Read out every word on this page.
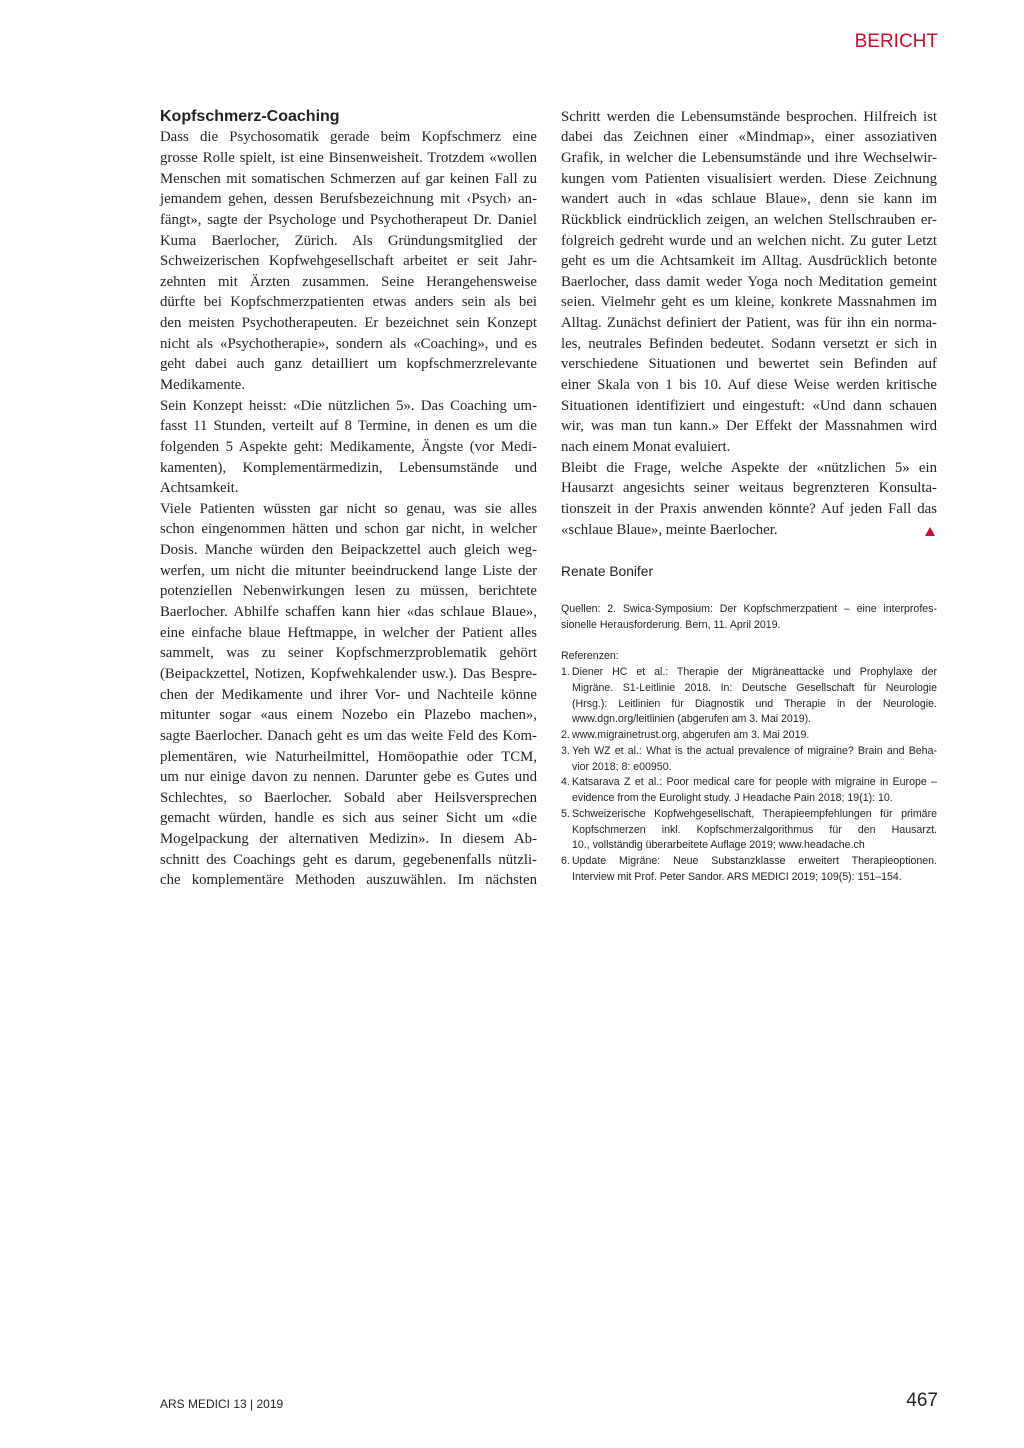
BERICHT
Kopfschmerz-Coaching
Dass die Psychosomatik gerade beim Kopfschmerz eine
grosse Rolle spielt, ist eine Binsenweisheit. Trotzdem «wollen
Menschen mit somatischen Schmerzen auf gar keinen Fall zu
jemandem gehen, dessen Berufsbezeichnung mit ‹Psych› an-
fängt», sagte der Psychologe und Psychotherapeut Dr. Daniel
Kuma Baerlocher, Zürich. Als Gründungsmitglied der
Schweizerischen Kopfwehgesellschaft arbeitet er seit Jahr-
zehnten mit Ärzten zusammen. Seine Herangehensweise
dürfte bei Kopfschmerzpatienten etwas anders sein als bei
den meisten Psychotherapeuten. Er bezeichnet sein Konzept
nicht als «Psychotherapie», sondern als «Coaching», und es
geht dabei auch ganz detailliert um kopfschmerzrelevante
Medikamente.
Sein Konzept heisst: «Die nützlichen 5». Das Coaching um-
fasst 11 Stunden, verteilt auf 8 Termine, in denen es um die
folgenden 5 Aspekte geht: Medikamente, Ängste (vor Medi-
kamenten), Komplementärmedizin, Lebensumstände und
Achtsamkeit.
Viele Patienten wüssten gar nicht so genau, was sie alles
schon eingenommen hätten und schon gar nicht, in welcher
Dosis. Manche würden den Beipackzettel auch gleich weg-
werfen, um nicht die mitunter beeindruckend lange Liste der
potenziellen Nebenwirkungen lesen zu müssen, berichtete
Baerlocher. Abhilfe schaffen kann hier «das schlaue Blaue»,
eine einfache blaue Heftmappe, in welcher der Patient alles
sammelt, was zu seiner Kopfschmerzproblematik gehört
(Beipackzettel, Notizen, Kopfwehkalender usw.). Das Bespre-
chen der Medikamente und ihrer Vor- und Nachteile könne
mitunter sogar «aus einem Nozebo ein Plazebo machen»,
sagte Baerlocher. Danach geht es um das weite Feld des Kom-
plementären, wie Naturheilmittel, Homöopathie oder TCM,
um nur einige davon zu nennen. Darunter gebe es Gutes und
Schlechtes, so Baerlocher. Sobald aber Heilsversprechen
gemacht würden, handle es sich aus seiner Sicht um «die
Mogelpackung der alternativen Medizin». In diesem Ab-
schnitt des Coachings geht es darum, gegebenenfalls nützli-
che komplementäre Methoden auszuwählen. Im nächsten
Schritt werden die Lebensumstände besprochen. Hilfreich ist
dabei das Zeichnen einer «Mindmap», einer assoziativen
Grafik, in welcher die Lebensumstände und ihre Wechselwir-
kungen vom Patienten visualisiert werden. Diese Zeichnung
wandert auch in «das schlaue Blaue», denn sie kann im
Rückblick eindrücklich zeigen, an welchen Stellschrauben er-
folgreich gedreht wurde und an welchen nicht. Zu guter Letzt
geht es um die Achtsamkeit im Alltag. Ausdrücklich betonte
Baerlocher, dass damit weder Yoga noch Meditation gemeint
seien. Vielmehr geht es um kleine, konkrete Massnahmen im
Alltag. Zunächst definiert der Patient, was für ihn ein norma-
les, neutrales Befinden bedeutet. Sodann versetzt er sich in
verschiedene Situationen und bewertet sein Befinden auf
einer Skala von 1 bis 10. Auf diese Weise werden kritische
Situationen identifiziert und eingestuft: «Und dann schauen
wir, was man tun kann.» Der Effekt der Massnahmen wird
nach einem Monat evaluiert.
Bleibt die Frage, welche Aspekte der «nützlichen 5» ein
Hausarzt angesichts seiner weitaus begrenzteren Konsulta-
tionszeit in der Praxis anwenden könnte? Auf jeden Fall das
«schlaue Blaue», meinte Baerlocher.
Renate Bonifer
Quellen: 2. Swica-Symposium: Der Kopfschmerzpatient – eine interprofes-
sionelle Herausforderung. Bern, 11. April 2019.
Referenzen:
1. Diener HC et al.: Therapie der Migräneattacke und Prophylaxe der
Migräne. S1-Leitlinie 2018. In: Deutsche Gesellschaft für Neurologie
(Hrsg.): Leitlinien für Diagnostik und Therapie in der Neurologie.
www.dgn.org/leitlinien (abgerufen am 3. Mai 2019).
2. www.migrainetrust.org, abgerufen am 3. Mai 2019.
3. Yeh WZ et al.: What is the actual prevalence of migraine? Brain and Beha-
vior 2018; 8: e00950.
4. Katsarava Z et al.: Poor medical care for people with migraine in Europe –
evidence from the Eurolight study. J Headache Pain 2018; 19(1): 10.
5. Schweizerische Kopfwehgesellschaft, Therapieempfehlungen für primäre
Kopfschmerzen inkl. Kopfschmerzalgorithmus für den Hausarzt.
10., vollständig überarbeitete Auflage 2019; www.headache.ch
6. Update Migräne: Neue Substanzklasse erweitert Therapieoptionen.
Interview mit Prof. Peter Sandor. ARS MEDICI 2019; 109(5): 151–154.
ARS MEDICI 13 | 2019	467
